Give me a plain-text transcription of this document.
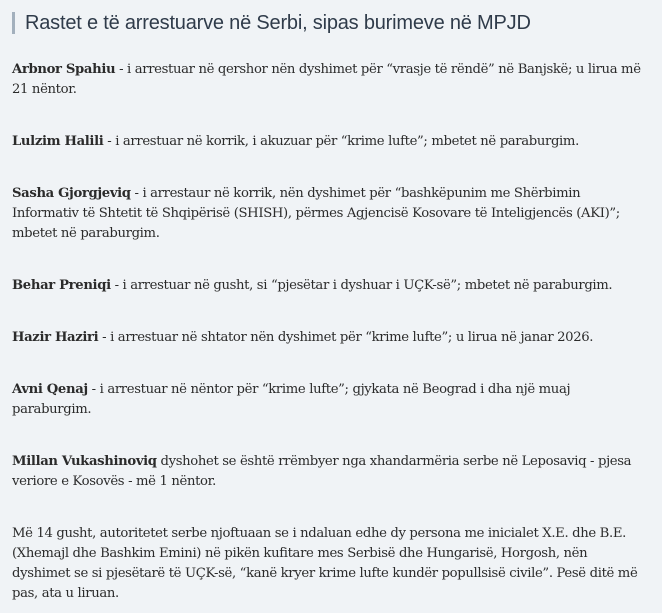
Rastet e të arrestuarve në Serbi, sipas burimeve në MPJD

Arbnor Spahiu - i arrestuar në qershor nën dyshimet për “vrasje të rëndë” në Banjskë; u lirua më 21 nëntor.

Lulzim Halili - i arrestuar në korrik, i akuzuar për “krime lufte”; mbetet në paraburgim.

Sasha Gjorgjeviq - i arrestaur në korrik, nën dyshimet për “bashkëpunim me Shërbimin Informativ të Shtetit të Shqipërisë (SHISH), përmes Agjencisë Kosovare të Inteligjencës (AKI)”; mbetet në paraburgim.

Behar Preniqi - i arrestuar në gusht, si “pjesëtar i dyshuar i UÇK-së”; mbetet në paraburgim.

Hazir Haziri - i arrestuar në shtator nën dyshimet për “krime lufte”; u lirua në janar 2026.

Avni Qenaj - i arrestuar në nëntor për “krime lufte”; gjykata në Beograd i dha një muaj paraburgim.

Millan Vukashinoviq dyshohet se është rrëmbyer nga xhandarmëria serbe në Leposaviq - pjesa veriore e Kosovës - më 1 nëntor.

Më 14 gusht, autoritetet serbe njoftuaan se i ndaluan edhe dy persona me inicialet X.E. dhe B.E. (Xhemajl dhe Bashkim Emini) në pikën kufitare mes Serbisë dhe Hungarisë, Horgosh, nën dyshimet se si pjesëtarë të UÇK-së, “kanë kryer krime lufte kundër popullsisë civile”. Pesë ditë më pas, ata u liruan.
